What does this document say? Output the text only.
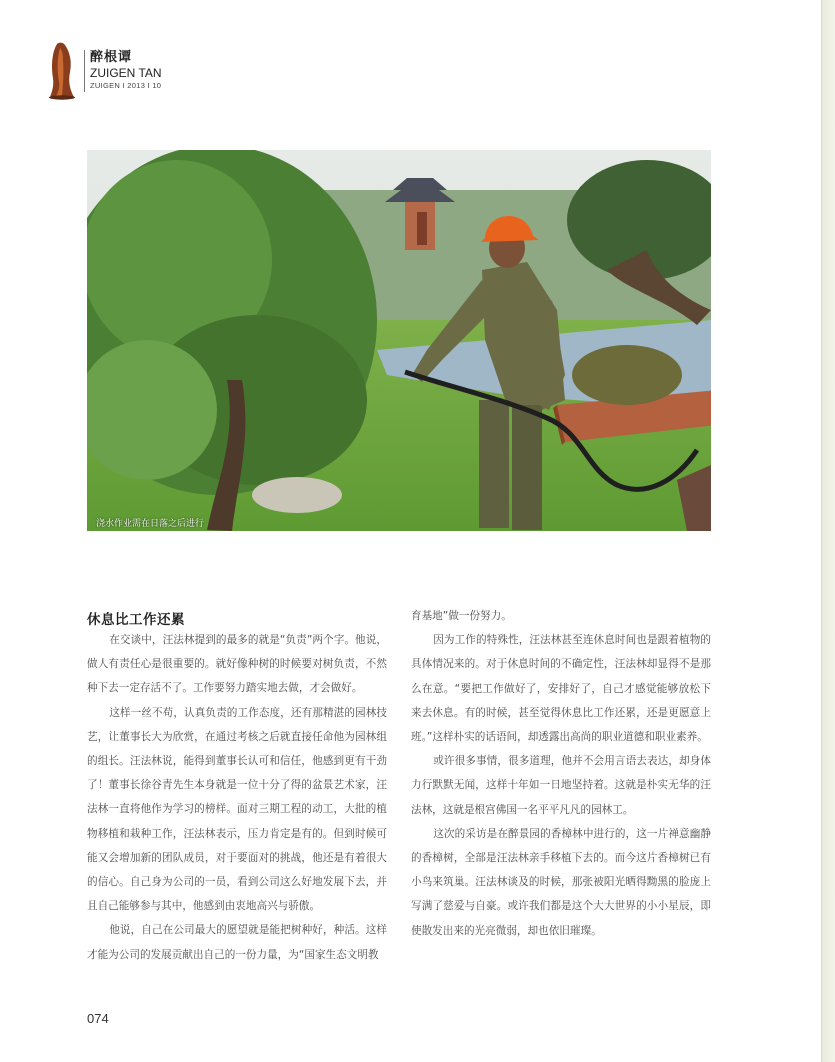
醉根谭
ZUIGEN TAN
ZUIGEN I 2013 I 10
浇水作业需在日落之后进行
休息比工作还累

在交谈中，汪法林提到的最多的就是“负责”两个字。他说，做人有责任心是很重要的。就好像种树的时候要对树负责，不然种下去一定存活不了。工作要努力踏实地去做，才会做好。

这样一丝不苟，认真负责的工作态度，还有那精湛的园林技艺，让董事长大为欣赏，在通过考核之后就直接任命他为园林组的组长。汪法林说，能得到董事长认可和信任，他感到更有干劲了！董事长徐谷青先生本身就是一位十分了得的盆景艺术家，汪法林一直将他作为学习的榜样。面对三期工程的动工，大批的植物移植和栽种工作，汪法林表示，压力肯定是有的。但到时候可能又会增加新的团队成员，对于要面对的挑战，他还是有着很大的信心。自己身为公司的一员，看到公司这么好地发展下去，并且自己能够参与其中，他感到由衷地高兴与骄傲。

他说，自己在公司最大的愿望就是能把树种好，种活。这样才能为公司的发展贡献出自己的一份力量，为“国家生态文明教

育基地”做一份努力。

因为工作的特殊性，汪法林甚至连休息时间也是跟着植物的具体情况来的。对于休息时间的不确定性，汪法林却显得不是那么在意。“要把工作做好了，安排好了，自己才感觉能够放松下来去休息。有的时候，甚至觉得休息比工作还累，还是更愿意上班。”这样朴实的话语间，却透露出高尚的职业道德和职业素养。

或许很多事情，很多道理，他并不会用言语去表达，却身体力行默默无闻，这样十年如一日地坚持着。这就是朴实无华的汪法林，这就是根宫佛国一名平平凡凡的园林工。

这次的采访是在醉景园的香樟林中进行的，这一片禅意幽静的香樟树，全部是汪法林亲手移植下去的。而今这片香樟树已有小鸟来筑巢。汪法林谈及的时候，那张被阳光晒得黝黑的脸庞上写满了慈爱与自豪。或许我们都是这个大大世界的小小星辰，即使散发出来的光亮微弱，却也依旧璀璨。

074
